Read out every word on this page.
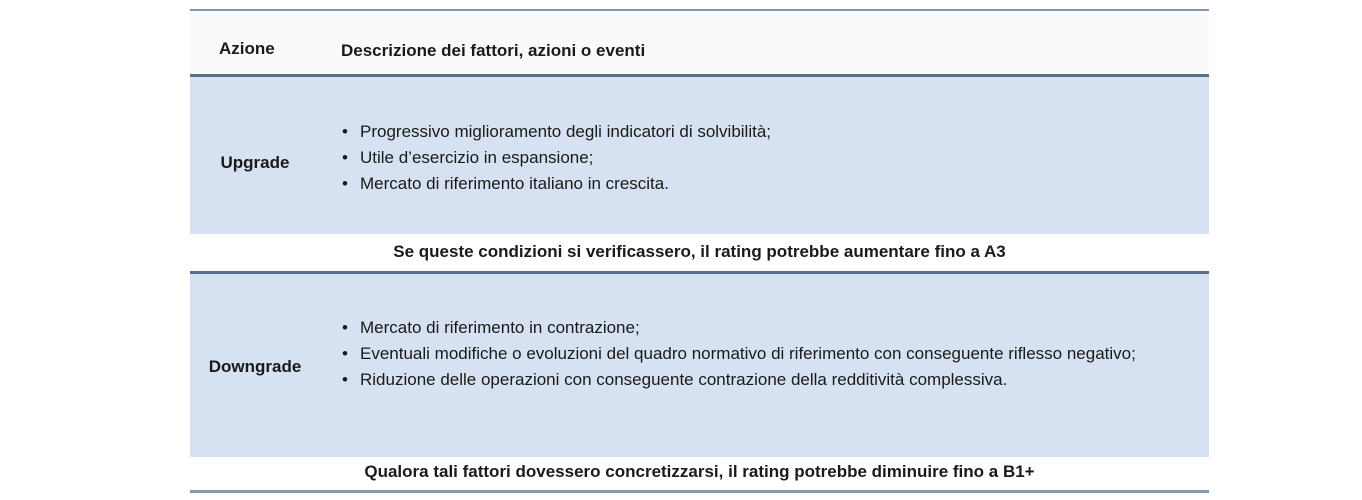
Azione	Descrizione dei fattori, azioni o eventi
Upgrade
• Progressivo miglioramento degli indicatori di solvibilità;
• Utile d’esercizio in espansione;
• Mercato di riferimento italiano in crescita.
Se queste condizioni si verificassero, il rating potrebbe aumentare fino a A3
Downgrade
• Mercato di riferimento in contrazione;
• Eventuali modifiche o evoluzioni del quadro normativo di riferimento con conseguente riflesso negativo;
• Riduzione delle operazioni con conseguente contrazione della redditività complessiva.
Qualora tali fattori dovessero concretizzarsi, il rating potrebbe diminuire fino a B1+
